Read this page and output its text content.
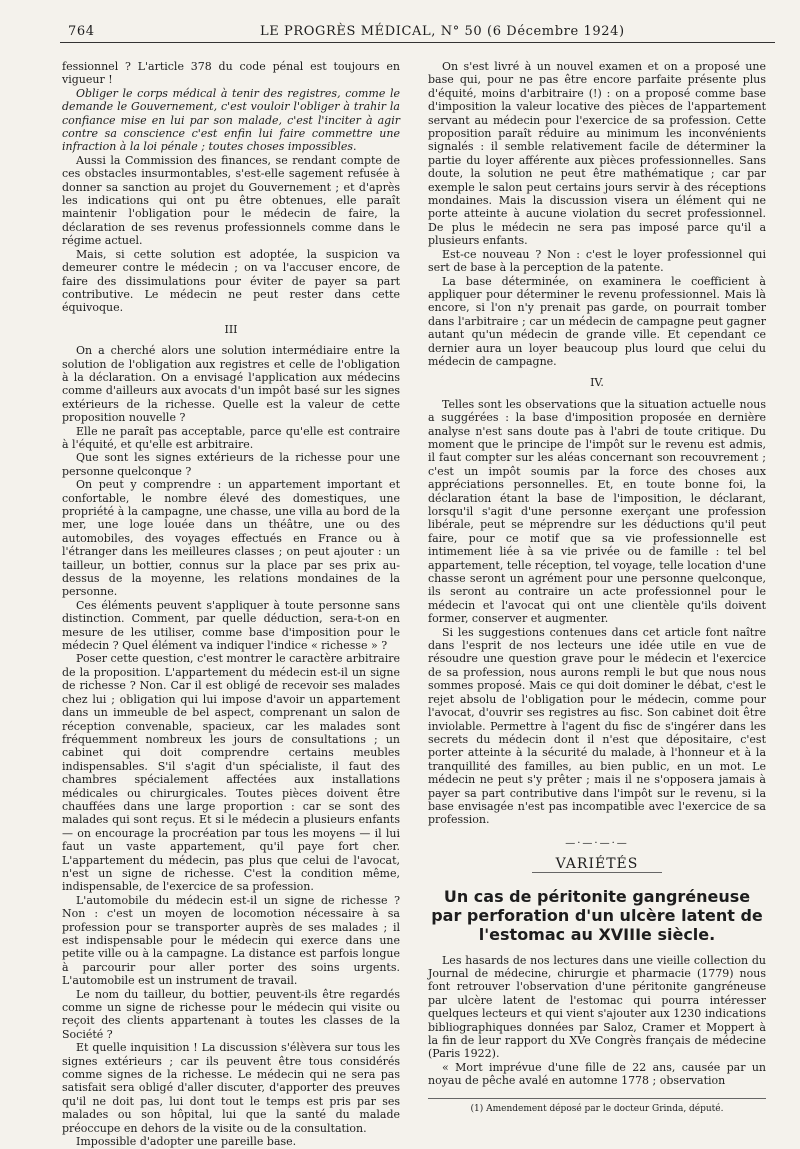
764	LE PROGRÈS MÉDICAL, N° 50 (6 Décembre 1924)

fessionnel ? L'article 378 du code pénal est toujours en vigueur !

Obliger le corps médical à tenir des registres, comme le demande le Gouvernement, c'est vouloir l'obliger à trahir la confiance mise en lui par son malade, c'est l'inciter à agir contre sa conscience c'est enfin lui faire commettre une infraction à la loi pénale ; toutes choses impossibles.

Aussi la Commission des finances, se rendant compte de ces obstacles insurmontables, s'est-elle sagement refusée à donner sa sanction au projet du Gouvernement ; et d'après les indications qui ont pu être obtenues, elle paraît maintenir l'obligation pour le médecin de faire, la déclaration de ses revenus professionnels comme dans le régime actuel.

Mais, si cette solution est adoptée, la suspicion va demeurer contre le médecin ; on va l'accuser encore, de faire des dissimulations pour éviter de payer sa part contributive. Le médecin ne peut rester dans cette équivoque.

III

On a cherché alors une solution intermédiaire entre la solution de l'obligation aux registres et celle de l'obligation à la déclaration. On a envisagé l'application aux médecins comme d'ailleurs aux avocats d'un impôt basé sur les signes extérieurs de la richesse. Quelle est la valeur de cette proposition nouvelle ?

Elle ne paraît pas acceptable, parce qu'elle est contraire à l'équité, et qu'elle est arbitraire.

Que sont les signes extérieurs de la richesse pour une personne quelconque ?

On peut y comprendre : un appartement important et confortable, le nombre élevé des domestiques, une propriété à la campagne, une chasse, une villa au bord de la mer, une loge louée dans un théâtre, une ou des automobiles, des voyages effectués en France ou à l'étranger dans les meilleures classes ; on peut ajouter : un tailleur, un bottier, connus sur la place par ses prix au-dessus de la moyenne, les relations mondaines de la personne.

Ces éléments peuvent s'appliquer à toute personne sans distinction. Comment, par quelle déduction, sera-t-on en mesure de les utiliser, comme base d'imposition pour le médecin ? Quel élément va indiquer l'indice « richesse » ?

Poser cette question, c'est montrer le caractère arbitraire de la proposition. L'appartement du médecin est-il un signe de richesse ? Non. Car il est obligé de recevoir ses malades chez lui ; obligation qui lui impose d'avoir un appartement dans un immeuble de bel aspect, comprenant un salon de réception convenable, spacieux, car les malades sont fréquemment nombreux les jours de consultations ; un cabinet qui doit comprendre certains meubles indispensables. S'il s'agit d'un spécialiste, il faut des chambres spécialement affectées aux installations médicales ou chirurgicales. Toutes pièces doivent être chauffées dans une large proportion : car se sont des malades qui sont reçus. Et si le médecin a plusieurs enfants — on encourage la procréation par tous les moyens — il lui faut un vaste appartement, qu'il paye fort cher. L'appartement du médecin, pas plus que celui de l'avocat, n'est un signe de richesse. C'est la condition même, indispensable, de l'exercice de sa profession.

L'automobile du médecin est-il un signe de richesse ? Non : c'est un moyen de locomotion nécessaire à sa profession pour se transporter auprès de ses malades ; il est indispensable pour le médecin qui exerce dans une petite ville ou à la campagne. La distance est parfois longue à parcourir pour aller porter des soins urgents. L'automobile est un instrument de travail.

Le nom du tailleur, du bottier, peuvent-ils être regardés comme un signe de richesse pour le médecin qui visite ou reçoit des clients appartenant à toutes les classes de la Société ?

Et quelle inquisition ! La discussion s'élèvera sur tous les signes extérieurs ; car ils peuvent être tous considérés comme signes de la richesse. Le médecin qui ne sera pas satisfait sera obligé d'aller discuter, d'apporter des preuves qu'il ne doit pas, lui dont tout le temps est pris par ses malades ou son hôpital, lui que la santé du malade préoccupe en dehors de la visite ou de la consultation.

Impossible d'adopter une pareille base.

On s'est livré à un nouvel examen et on a proposé une base qui, pour ne pas être encore parfaite présente plus d'équité, moins d'arbitraire (!) : on a proposé comme base d'imposition la valeur locative des pièces de l'appartement servant au médecin pour l'exercice de sa profession. Cette proposition paraît réduire au minimum les inconvénients signalés : il semble relativement facile de déterminer la partie du loyer afférente aux pièces professionnelles. Sans doute, la solution ne peut être mathématique ; car par exemple le salon peut certains jours servir à des réceptions mondaines. Mais la discussion visera un élément qui ne porte atteinte à aucune violation du secret professionnel. De plus le médecin ne sera pas imposé parce qu'il a plusieurs enfants.

Est-ce nouveau ? Non : c'est le loyer professionnel qui sert de base à la perception de la patente.

La base déterminée, on examinera le coefficient à appliquer pour déterminer le revenu professionnel. Mais là encore, si l'on n'y prenait pas garde, on pourrait tomber dans l'arbitraire ; car un médecin de campagne peut gagner autant qu'un médecin de grande ville. Et cependant ce dernier aura un loyer beaucoup plus lourd que celui du médecin de campagne.

IV.

Telles sont les observations que la situation actuelle nous a suggérées : la base d'imposition proposée en dernière analyse n'est sans doute pas à l'abri de toute critique. Du moment que le principe de l'impôt sur le revenu est admis, il faut compter sur les aléas concernant son recouvrement ; c'est un impôt soumis par la force des choses aux appréciations personnelles. Et, en toute bonne foi, la déclaration étant la base de l'imposition, le déclarant, lorsqu'il s'agit d'une personne exerçant une profession libérale, peut se méprendre sur les déductions qu'il peut faire, pour ce motif que sa vie professionnelle est intimement liée à sa vie privée ou de famille : tel bel appartement, telle réception, tel voyage, telle location d'une chasse seront un agrément pour une personne quelconque, ils seront au contraire un acte professionnel pour le médecin et l'avocat qui ont une clientèle qu'ils doivent former, conserver et augmenter.

Si les suggestions contenues dans cet article font naître dans l'esprit de nos lecteurs une idée utile en vue de résoudre une question grave pour le médecin et l'exercice de sa profession, nous aurons rempli le but que nous nous sommes proposé. Mais ce qui doit dominer le débat, c'est le rejet absolu de l'obligation pour le médecin, comme pour l'avocat, d'ouvrir ses registres au fisc. Son cabinet doit être inviolable. Permettre à l'agent du fisc de s'ingérer dans les secrets du médecin dont il n'est que dépositaire, c'est porter atteinte à la sécurité du malade, à l'honneur et à la tranquillité des familles, au bien public, en un mot. Le médecin ne peut s'y prêter ; mais il ne s'opposera jamais à payer sa part contributive dans l'impôt sur le revenu, si la base envisagée n'est pas incompatible avec l'exercice de sa profession.

—·—·—·—
VARIÉTÉS
Un cas de péritonite gangréneuse par perforation d'un ulcère latent de l'estomac au XVIIIe siècle.

Les hasards de nos lectures dans une vieille collection du Journal de médecine, chirurgie et pharmacie (1779) nous font retrouver l'observation d'une péritonite gangréneuse par ulcère latent de l'estomac qui pourra intéresser quelques lecteurs et qui vient s'ajouter aux 1230 indications bibliographiques données par Saloz, Cramer et Moppert à la fin de leur rapport du XVe Congrès français de médecine (Paris 1922).

« Mort imprévue d'une fille de 22 ans, causée par un noyau de pêche avalé en automne 1778 ; observation

(1) Amendement déposé par le docteur Grinda, député.
